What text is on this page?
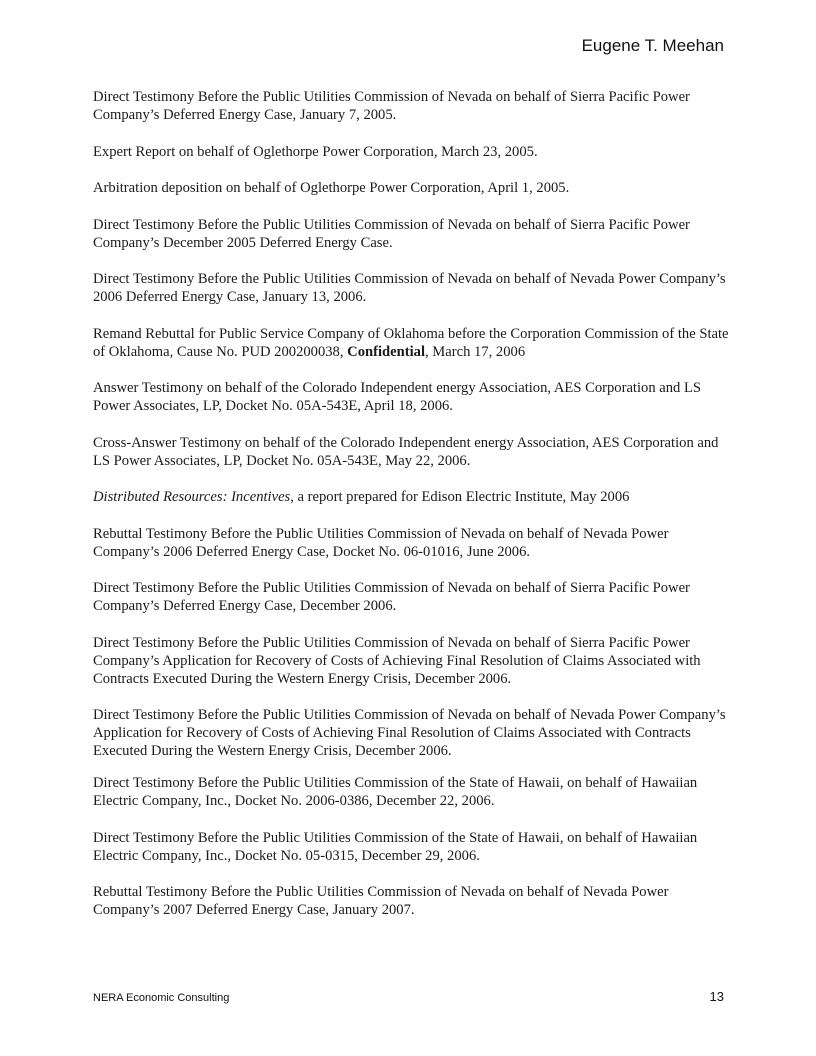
Eugene T. Meehan

Direct Testimony Before the Public Utilities Commission of Nevada on behalf of Sierra Pacific Power Company’s Deferred Energy Case, January 7, 2005.

Expert Report on behalf of Oglethorpe Power Corporation, March 23, 2005.

Arbitration deposition on behalf of Oglethorpe Power Corporation, April 1, 2005.

Direct Testimony Before the Public Utilities Commission of Nevada on behalf of Sierra Pacific Power Company’s December 2005 Deferred Energy Case.

Direct Testimony Before the Public Utilities Commission of Nevada on behalf of Nevada Power Company’s 2006 Deferred Energy Case, January 13, 2006.

Remand Rebuttal for Public Service Company of Oklahoma before the Corporation Commission of the State of Oklahoma, Cause No. PUD 200200038, Confidential, March 17, 2006

Answer Testimony on behalf of the Colorado Independent energy Association, AES Corporation and LS Power Associates, LP, Docket No. 05A-543E, April 18, 2006.

Cross-Answer Testimony on behalf of the Colorado Independent energy Association, AES Corporation and LS Power Associates, LP, Docket No. 05A-543E, May 22, 2006.

Distributed Resources: Incentives, a report prepared for Edison Electric Institute, May 2006

Rebuttal Testimony Before the Public Utilities Commission of Nevada on behalf of Nevada Power Company’s 2006 Deferred Energy Case, Docket No. 06-01016, June 2006.

Direct Testimony Before the Public Utilities Commission of Nevada on behalf of Sierra Pacific Power Company’s Deferred Energy Case, December 2006.

Direct Testimony Before the Public Utilities Commission of Nevada on behalf of Sierra Pacific Power Company’s Application for Recovery of Costs of Achieving Final Resolution of Claims Associated with Contracts Executed During the Western Energy Crisis, December 2006.

Direct Testimony Before the Public Utilities Commission of Nevada on behalf of Nevada Power Company’s Application for Recovery of Costs of Achieving Final Resolution of Claims Associated with Contracts Executed During the Western Energy Crisis, December 2006.

Direct Testimony Before the Public Utilities Commission of the State of Hawaii, on behalf of Hawaiian Electric Company, Inc., Docket No. 2006-0386, December 22, 2006.

Direct Testimony Before the Public Utilities Commission of the State of Hawaii, on behalf of Hawaiian Electric Company, Inc., Docket No. 05-0315, December 29, 2006.

Rebuttal Testimony Before the Public Utilities Commission of Nevada on behalf of Nevada Power Company’s 2007 Deferred Energy Case, January 2007.

NERA Economic Consulting	13
